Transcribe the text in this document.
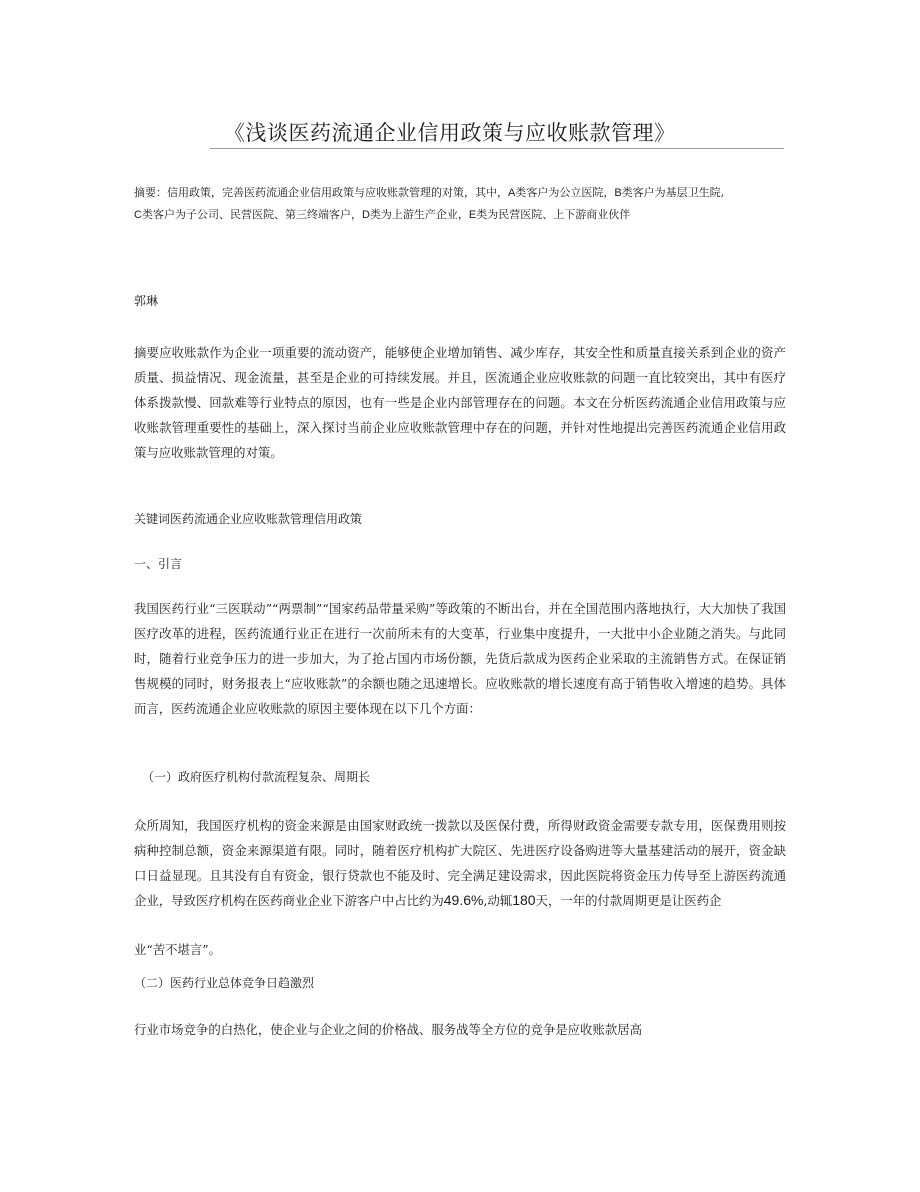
《浅谈医药流通企业信用政策与应收账款管理》

摘要：信用政策，完善医药流通企业信用政策与应收账款管理的对策，其中，A类客户为公立医院，B类客户为基层卫生院,

C类客户为子公司、民营医院、第三终端客户，D类为上游生产企业，E类为民营医院、上下游商业伙伴

郭琳

摘要应收账款作为企业一项重要的流动资产，能够使企业增加销售、减少库存，其安全性和质量直接关系到企业的资产质量、损益情况、现金流量，甚至是企业的可持续发展。并且，医流通企业应收账款的问题一直比较突出，其中有医疗体系拨款慢、回款难等行业特点的原因，也有一些是企业内部管理存在的问题。本文在分析医药流通企业信用政策与应收账款管理重要性的基础上，深入探讨当前企业应收账款管理中存在的问题，并针对性地提出完善医药流通企业信用政策与应收账款管理的对策。

关键词医药流通企业应收账款管理信用政策

一、引言

我国医药行业“三医联动”“两票制”“国家药品带量采购”等政策的不断出台，并在全国范围内落地执行，大大加快了我国医疗改革的进程，医药流通行业正在进行一次前所未有的大变革，行业集中度提升，一大批中小企业随之消失。与此同时，随着行业竞争压力的进一步加大，为了抢占国内市场份额，先货后款成为医药企业采取的主流销售方式。在保证销售规模的同时，财务报表上“应收账款”的余额也随之迅速增长。应收账款的增长速度有高于销售收入增速的趋势。具体而言，医药流通企业应收账款的原因主要体现在以下几个方面：

（一）政府医疗机构付款流程复杂、周期长

众所周知，我国医疗机构的资金来源是由国家财政统一拨款以及医保付费，所得财政资金需要专款专用，医保费用则按病种控制总额，资金来源渠道有限。同时，随着医疗机构扩大院区、先进医疗设备购进等大量基建活动的展开，资金缺口日益显现。且其没有自有资金，银行贷款也不能及时、完全满足建设需求，因此医院将资金压力传导至上游医药流通企业，导致医疗机构在医药商业企业下游客户中占比约为49.6%,动辄180天，一年的付款周期更是让医药企

业“苦不堪言”。

（二）医药行业总体竞争日趋激烈

行业市场竞争的白热化，使企业与企业之间的价格战、服务战等全方位的竞争是应收账款居高
